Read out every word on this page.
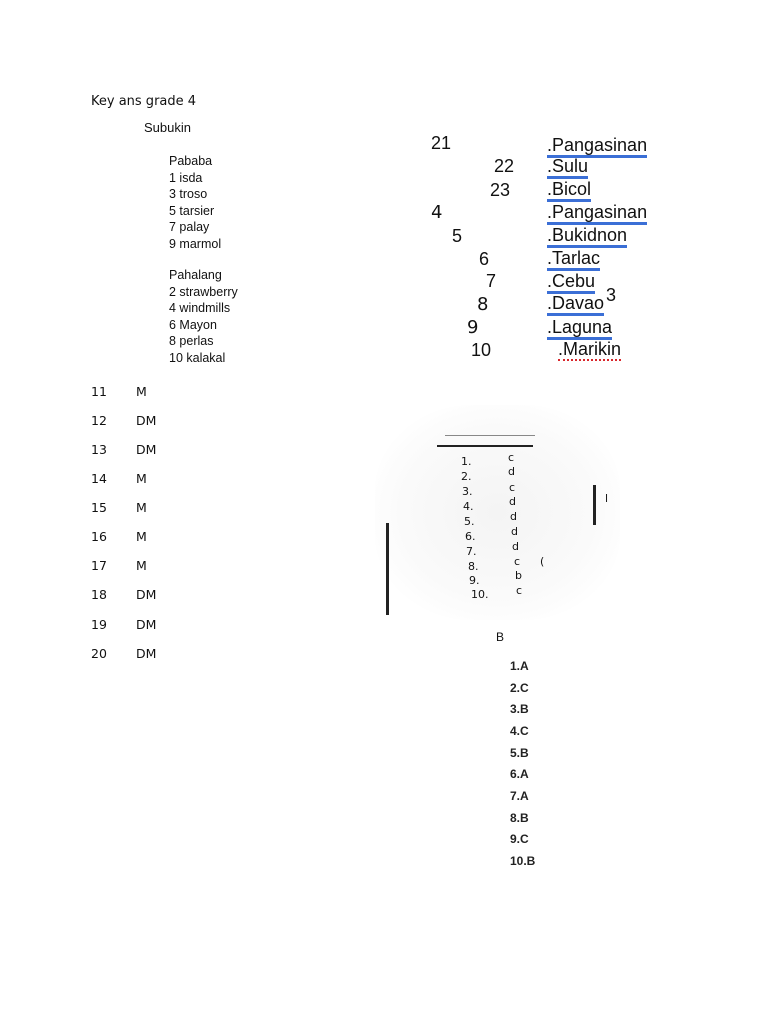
Key ans grade 4
Subukin
Pababa
1 isda
3 troso
5 tarsier
7 palay
9 marmol
Pahalang
2 strawberry
4 windmills
6 Mayon
8 perlas
10 kalakal
11 M
12 DM
13 DM
14 M
15 M
16 M
17 M
18 DM
19 DM
20 DM
21	.Pangasinan
22 .Sulu
23 .Bicol
4	.Pangasinan
5	.Bukidnon
6	.Tarlac
7	.Cebu
8	.Davao 3
9	.Laguna
10	.Marikin
1.	c
2.	d
3.	c
4.	d
5.	d
6.	d
7.	d
8.	c (
9.	b
10.	c
l
B
1.A
2.C
3.B
4.C
5.B
6.A
7.A
8.B
9.C
10.B
